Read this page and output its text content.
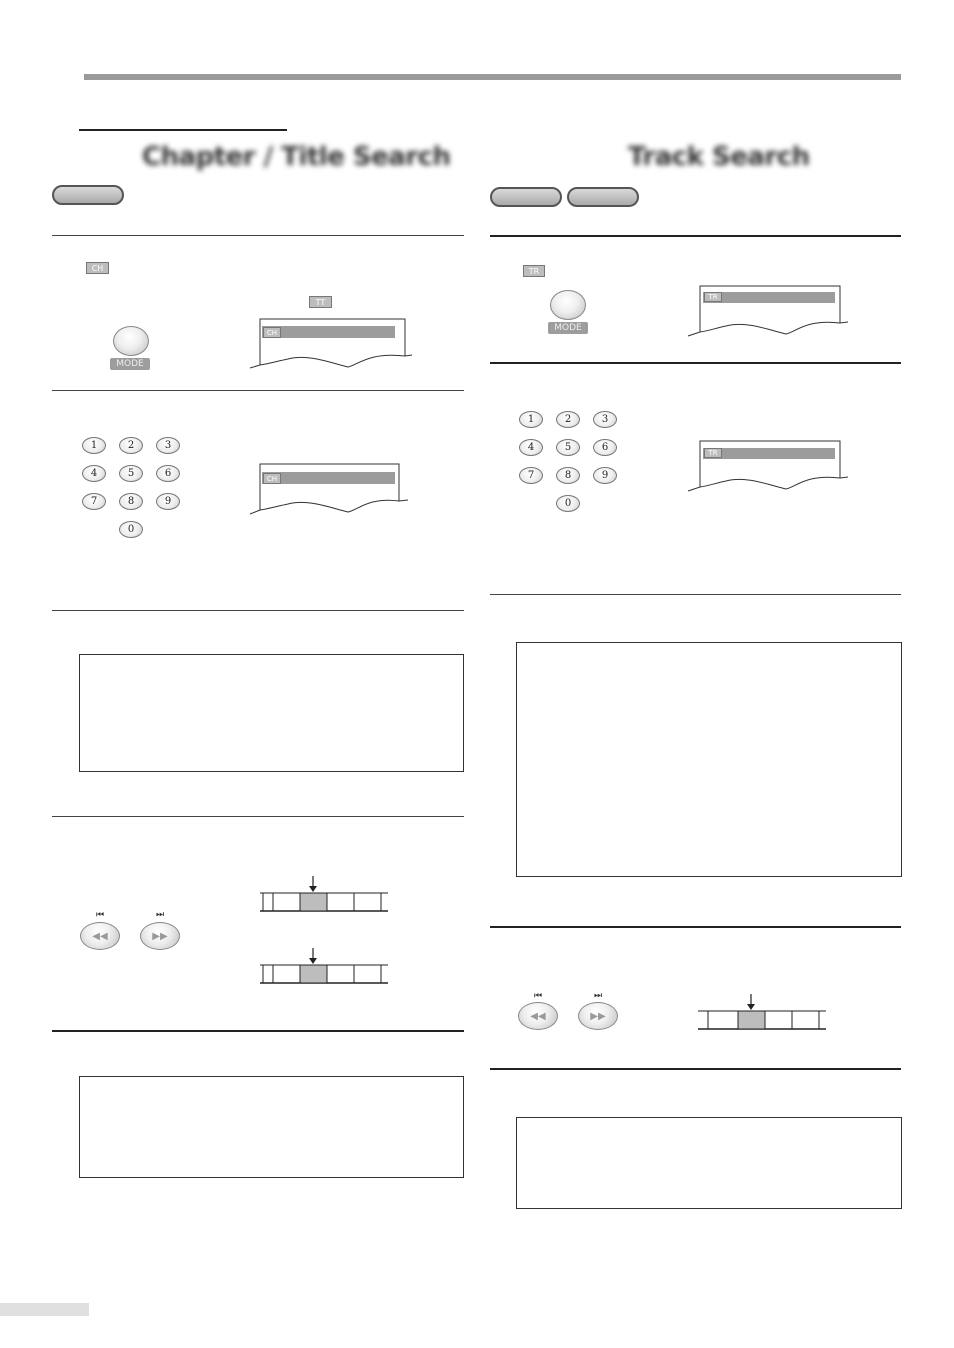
Chapter / Title Search
CH
TT
MODE
CH
1	2	3
4	5	6
7	8	9
0
CH
⏮	⏭
◀◀	▶▶
Track Search
TR
MODE
TR
1	2	3
4	5	6
7	8	9
0
TR
⏮	⏭
◀◀	▶▶
